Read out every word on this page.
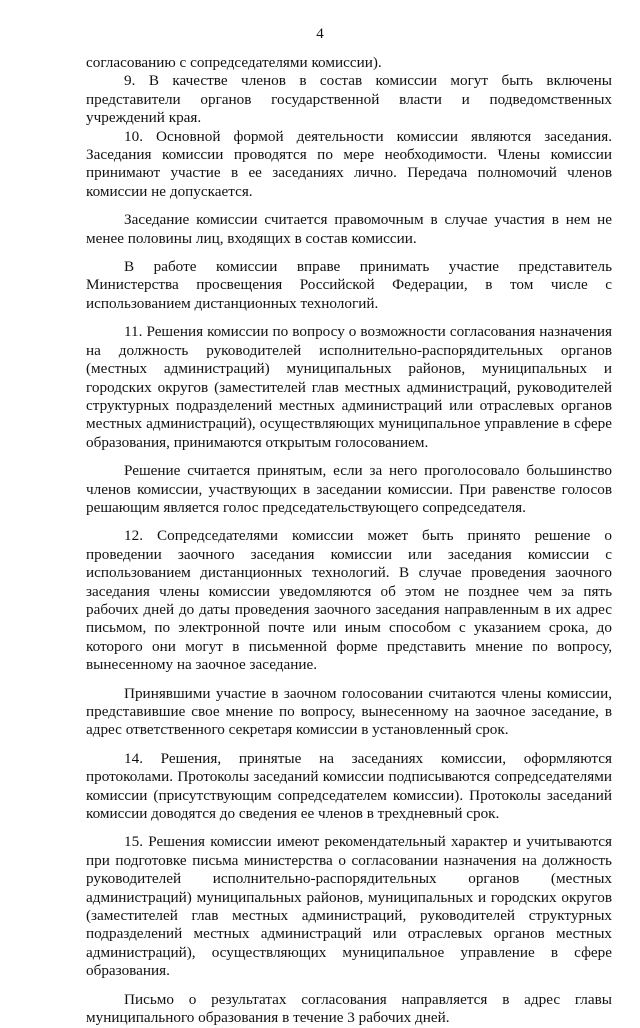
4

согласованию с сопредседателями комиссии).

9. В качестве членов в состав комиссии могут быть включены представители органов государственной власти и подведомственных учреждений края.

10. Основной формой деятельности комиссии являются заседания. Заседания комиссии проводятся по мере необходимости. Члены комиссии принимают участие в ее заседаниях лично. Передача полномочий членов комиссии не допускается.

Заседание комиссии считается правомочным в случае участия в нем не менее половины лиц, входящих в состав комиссии.

В работе комиссии вправе принимать участие представитель Министерства просвещения Российской Федерации, в том числе с использованием дистанционных технологий.

11. Решения комиссии по вопросу о возможности согласования назначения на должность руководителей исполнительно-распорядительных органов (местных администраций) муниципальных районов, муниципальных и городских округов (заместителей глав местных администраций, руководителей структурных подразделений местных администраций или отраслевых органов местных администраций), осуществляющих муниципальное управление в сфере образования, принимаются открытым голосованием.

Решение считается принятым, если за него проголосовало большинство членов комиссии, участвующих в заседании комиссии. При равенстве голосов решающим является голос председательствующего сопредседателя.

12. Сопредседателями комиссии может быть принято решение о проведении заочного заседания комиссии или заседания комиссии с использованием дистанционных технологий. В случае проведения заочного заседания члены комиссии уведомляются об этом не позднее чем за пять рабочих дней до даты проведения заочного заседания направленным в их адрес письмом, по электронной почте или иным способом с указанием срока, до которого они могут в письменной форме представить мнение по вопросу, вынесенному на заочное заседание.

Принявшими участие в заочном голосовании считаются члены комиссии, представившие свое мнение по вопросу, вынесенному на заочное заседание, в адрес ответственного секретаря комиссии в установленный срок.

14. Решения, принятые на заседаниях комиссии, оформляются протоколами. Протоколы заседаний комиссии подписываются сопредседателями комиссии (присутствующим сопредседателем комиссии). Протоколы заседаний комиссии доводятся до сведения ее членов в трехдневный срок.

15. Решения комиссии имеют рекомендательный характер и учитываются при подготовке письма министерства о согласовании назначения на должность руководителей исполнительно-распорядительных органов (местных администраций) муниципальных районов, муниципальных и городских округов (заместителей глав местных администраций, руководителей структурных подразделений местных администраций или отраслевых органов местных администраций), осуществляющих муниципальное управление в сфере образования.

Письмо о результатах согласования направляется в адрес главы муниципального образования в течение 3 рабочих дней.
